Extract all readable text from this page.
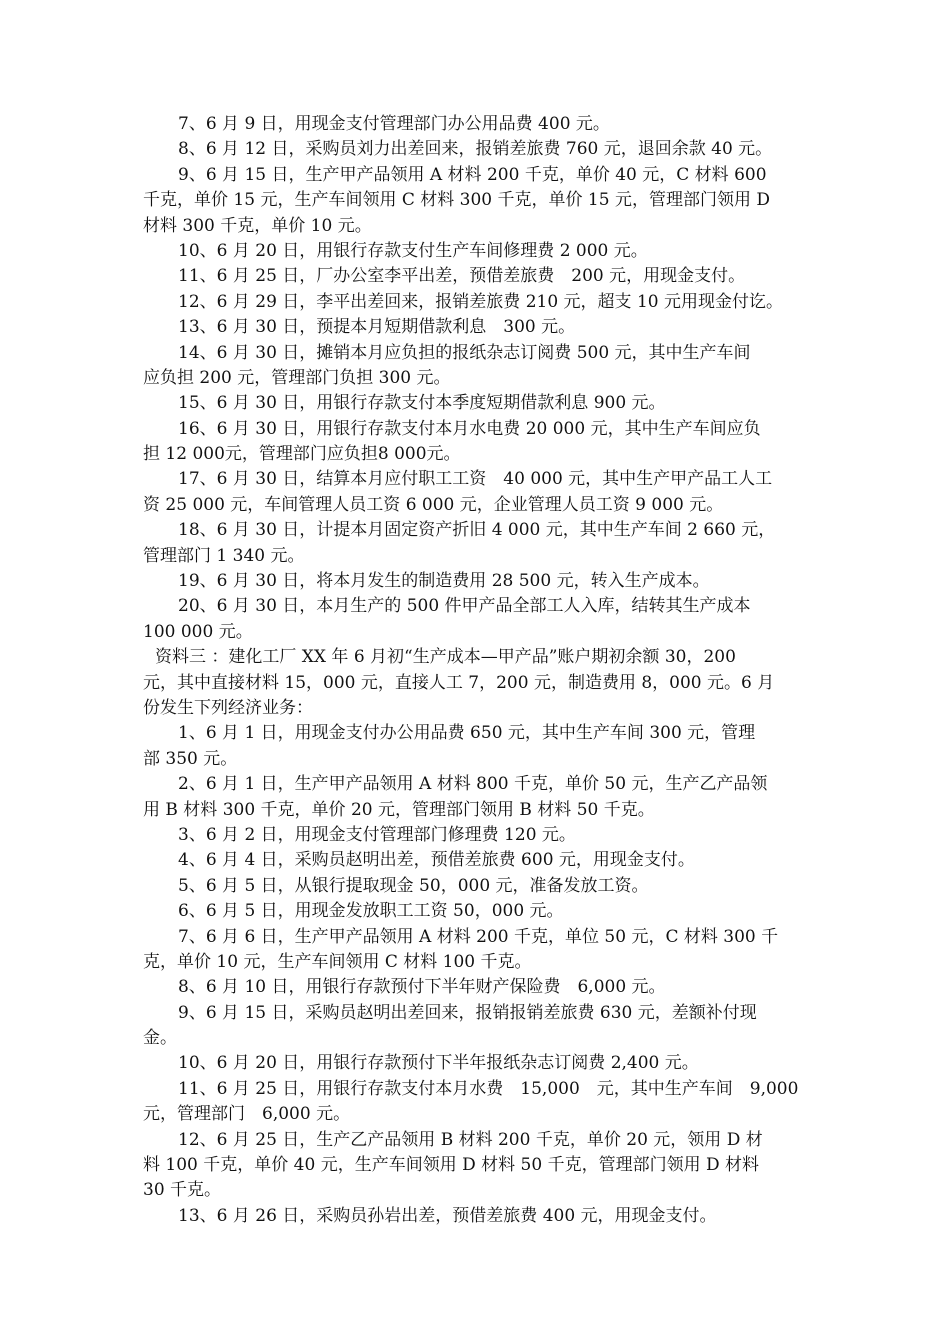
7、6 月 9 日，用现金支付管理部门办公用品费 400 元。
8、6 月 12 日，采购员刘力出差回来，报销差旅费 760 元，退回余款 40 元。
9、6 月 15 日，生产甲产品领用 A 材料 200 千克，单价 40 元，C 材料 600
千克，单价 15 元，生产车间领用 C 材料 300 千克，单价 15 元，管理部门领用 D
材料 300 千克，单价 10 元。
10、6 月 20 日，用银行存款支付生产车间修理费 2 000 元。
11、6 月 25 日，厂办公室李平出差，预借差旅费　200 元，用现金支付。
12、6 月 29 日，李平出差回来，报销差旅费 210 元，超支 10 元用现金付讫。
13、6 月 30 日，预提本月短期借款利息　300 元。
14、6 月 30 日，摊销本月应负担的报纸杂志订阅费 500 元，其中生产车间
应负担 200 元，管理部门负担 300 元。
15、6 月 30 日，用银行存款支付本季度短期借款利息 900 元。
16、6 月 30 日，用银行存款支付本月水电费 20 000 元，其中生产车间应负
担 12 000元，管理部门应负担8 000元。
17、6 月 30 日，结算本月应付职工工资　40 000 元，其中生产甲产品工人工
资 25 000 元，车间管理人员工资 6 000 元，企业管理人员工资 9 000 元。
18、6 月 30 日，计提本月固定资产折旧 4 000 元，其中生产车间 2 660 元，
管理部门 1 340 元。
19、6 月 30 日，将本月发生的制造费用 28 500 元，转入生产成本。
20、6 月 30 日，本月生产的 500 件甲产品全部工人入库，结转其生产成本
100 000 元。
资料三 ：建化工厂 XX 年 6 月初“生产成本—甲产品”账户期初余额 30，200
元，其中直接材料 15，000 元，直接人工 7，200 元，制造费用 8，000 元。6 月
份发生下列经济业务：
1、6 月 1 日，用现金支付办公用品费 650 元，其中生产车间 300 元，管理
部 350 元。
2、6 月 1 日，生产甲产品领用 A 材料 800 千克，单价 50 元，生产乙产品领
用 B 材料 300 千克，单价 20 元，管理部门领用 B 材料 50 千克。
3、6 月 2 日，用现金支付管理部门修理费 120 元。
4、6 月 4 日，采购员赵明出差，预借差旅费 600 元，用现金支付。
5、6 月 5 日，从银行提取现金 50，000 元，准备发放工资。
6、6 月 5 日，用现金发放职工工资 50，000 元。
7、6 月 6 日，生产甲产品领用 A 材料 200 千克，单位 50 元，C 材料 300 千
克，单价 10 元，生产车间领用 C 材料 100 千克。
8、6 月 10 日，用银行存款预付下半年财产保险费　6,000 元。
9、6 月 15 日，采购员赵明出差回来，报销报销差旅费 630 元，差额补付现
金。
10、6 月 20 日，用银行存款预付下半年报纸杂志订阅费 2,400 元。
11、6 月 25 日，用银行存款支付本月水费　15,000　元，其中生产车间　9,000
元，管理部门　6,000 元。
12、6 月 25 日，生产乙产品领用 B 材料 200 千克，单价 20 元，领用 D 材
料 100 千克，单价 40 元，生产车间领用 D 材料 50 千克，管理部门领用 D 材料
30 千克。
13、6 月 26 日，采购员孙岩出差，预借差旅费 400 元，用现金支付。
